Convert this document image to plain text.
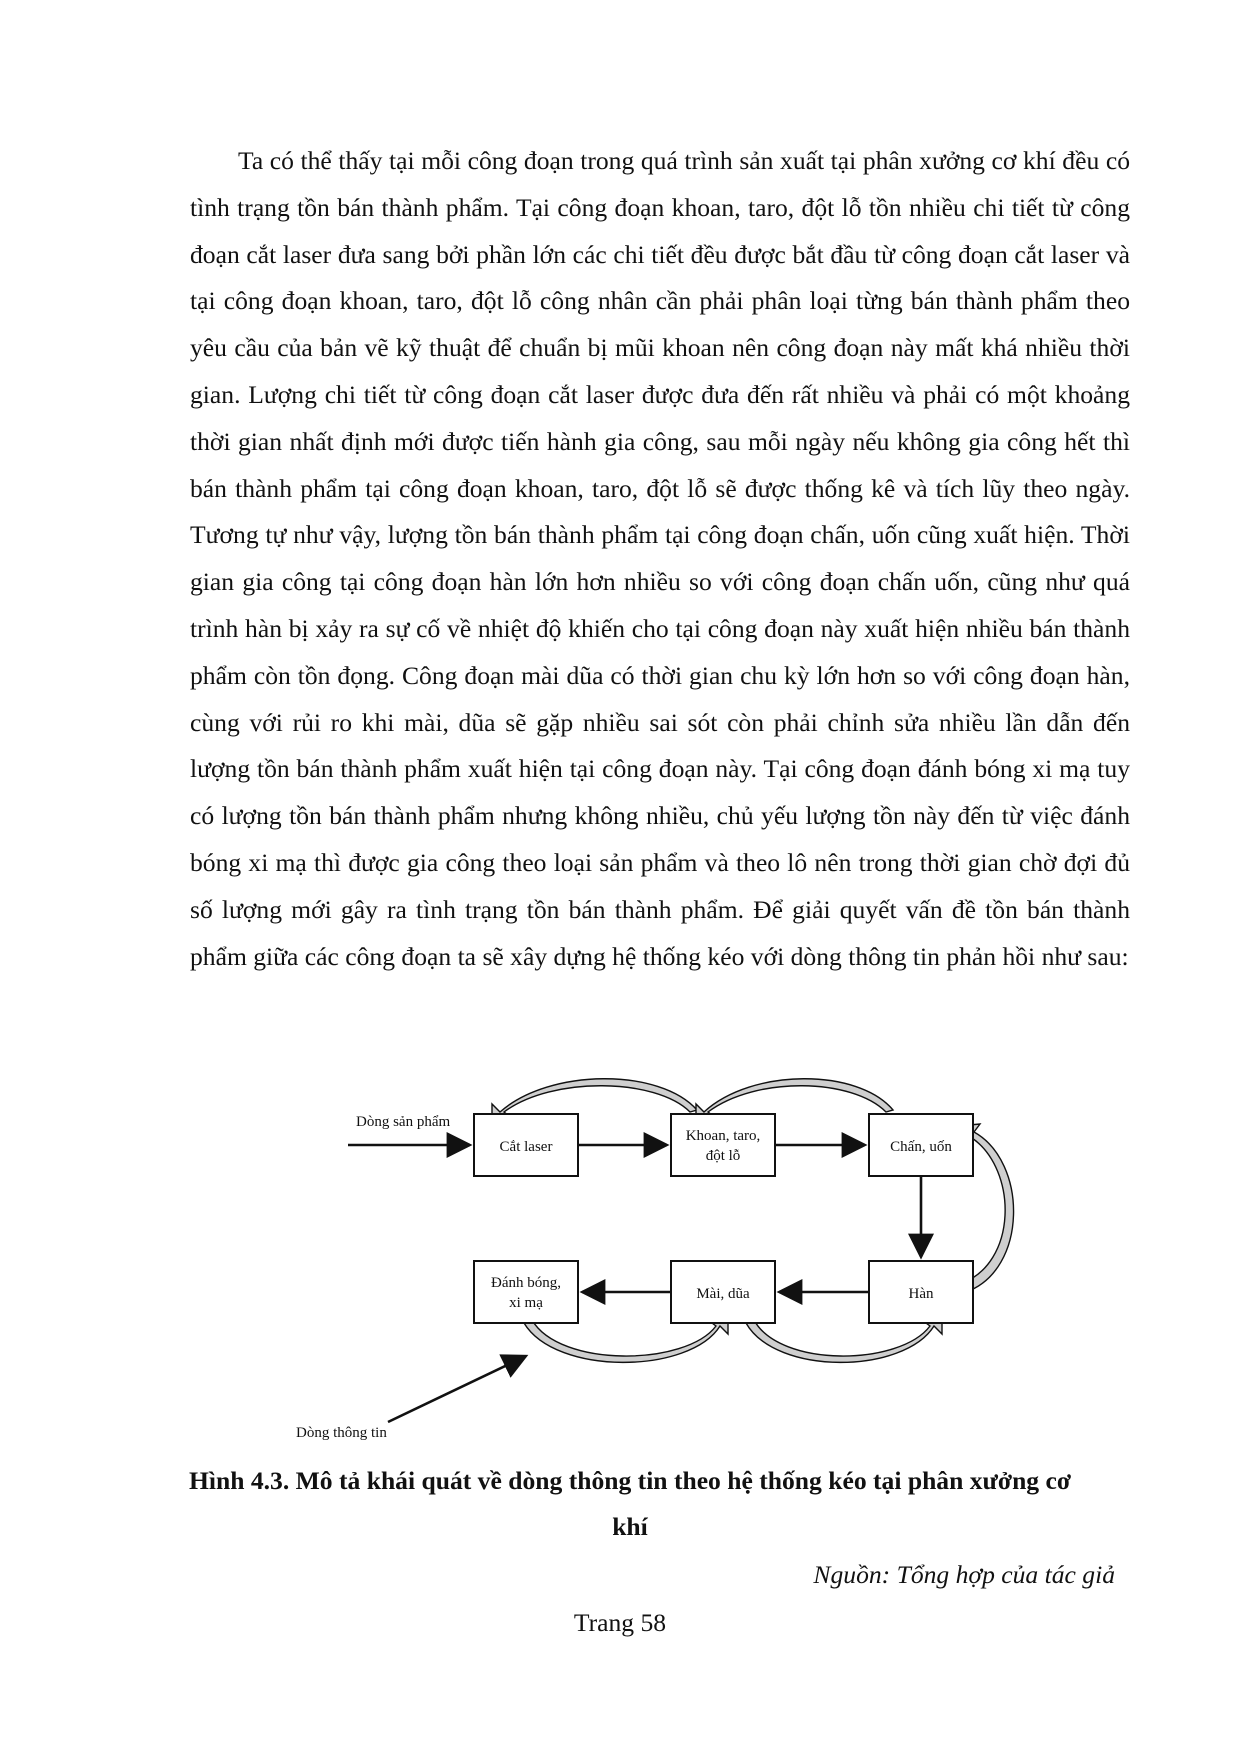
Ta có thể thấy tại mỗi công đoạn trong quá trình sản xuất tại phân xưởng cơ khí đều có tình trạng tồn bán thành phẩm. Tại công đoạn khoan, taro, đột lỗ tồn nhiều chi tiết từ công đoạn cắt laser đưa sang bởi phần lớn các chi tiết đều được bắt đầu từ công đoạn cắt laser và tại công đoạn khoan, taro, đột lỗ công nhân cần phải phân loại từng bán thành phẩm theo yêu cầu của bản vẽ kỹ thuật để chuẩn bị mũi khoan nên công đoạn này mất khá nhiều thời gian. Lượng chi tiết từ công đoạn cắt laser được đưa đến rất nhiều và phải có một khoảng thời gian nhất định mới được tiến hành gia công, sau mỗi ngày nếu không gia công hết thì bán thành phẩm tại công đoạn khoan, taro, đột lỗ sẽ được thống kê và tích lũy theo ngày. Tương tự như vậy, lượng tồn bán thành phẩm tại công đoạn chấn, uốn cũng xuất hiện. Thời gian gia công tại công đoạn hàn lớn hơn nhiều so với công đoạn chấn uốn, cũng như quá trình hàn bị xảy ra sự cố về nhiệt độ khiến cho tại công đoạn này xuất hiện nhiều bán thành phẩm còn tồn đọng. Công đoạn mài dũa có thời gian chu kỳ lớn hơn so với công đoạn hàn, cùng với rủi ro khi mài, dũa sẽ gặp nhiều sai sót còn phải chỉnh sửa nhiều lần dẫn đến lượng tồn bán thành phẩm xuất hiện tại công đoạn này. Tại công đoạn đánh bóng xi mạ tuy có lượng tồn bán thành phẩm nhưng không nhiều, chủ yếu lượng tồn này đến từ việc đánh bóng xi mạ thì được gia công theo loại sản phẩm và theo lô nên trong thời gian chờ đợi đủ số lượng mới gây ra tình trạng tồn bán thành phẩm. Để giải quyết vấn đề tồn bán thành phẩm giữa các công đoạn ta sẽ xây dựng hệ thống kéo với dòng thông tin phản hồi như sau:

Dòng sản phẩm
Dòng thông tin
Cắt laser
Khoan, taro,
đột lỗ
Chấn, uốn
Hàn
Mài, dũa
Đánh bóng,
xi mạ

Hình 4.3. Mô tả khái quát về dòng thông tin theo hệ thống kéo tại phân xưởng cơ

khí

Nguồn: Tổng hợp của tác giả

Trang 58
